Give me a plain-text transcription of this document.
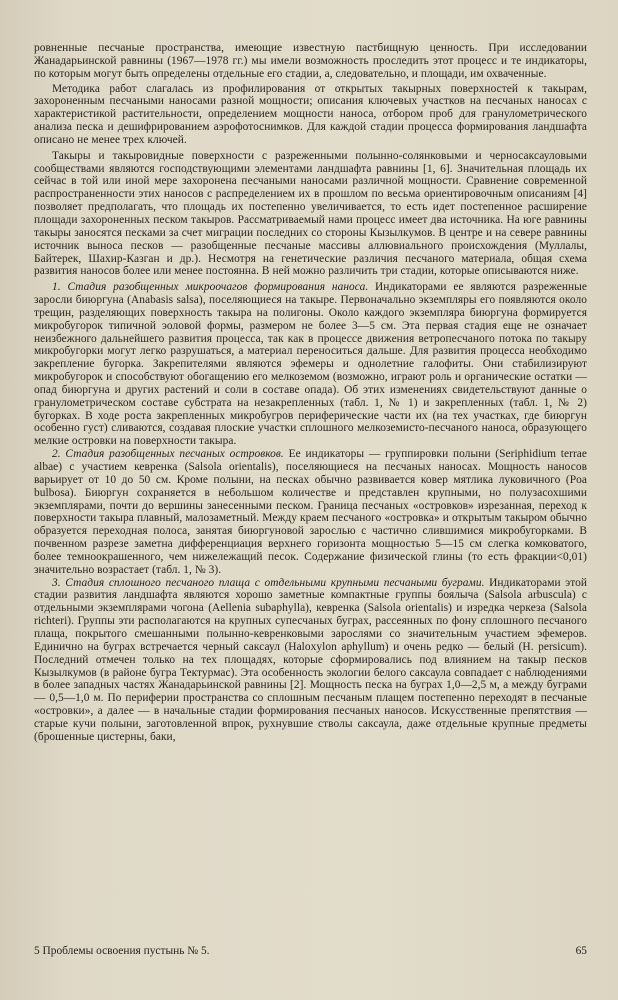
ровненные песчаные пространства, имеющие известную пастбищную ценность. При исследовании Жанадарьинской равнины (1967—1978 гг.) мы имели возможность проследить этот процесс и те индикаторы, по которым могут быть определены отдельные его стадии, а, следовательно, и площади, им охваченные.

Методика работ слагалась из профилирования от открытых такырных поверхностей к такырам, захороненным песчаными наносами разной мощности; описания ключевых участков на песчаных наносах с характеристикой растительности, определением мощности наноса, отбором проб для гранулометрического анализа песка и дешифрированием аэрофотоснимков. Для каждой стадии процесса формирования ландшафта описано не менее трех ключей.

Такыры и такыровидные поверхности с разреженными полынно-солянковыми и черносаксауловыми сообществами являются господствующими элементами ландшафта равнины [1, 6]. Значительная площадь их сейчас в той или иной мере захоронена песчаными наносами различной мощности. Сравнение современной распространенности этих наносов с распределением их в прошлом по весьма ориентировочным описаниям [4] позволяет предполагать, что площадь их постепенно увеличивается, то есть идет постепенное расширение площади захороненных песком такыров. Рассматриваемый нами процесс имеет два источника. На юге равнины такыры заносятся песками за счет миграции последних со стороны Кызылкумов. В центре и на севере равнины источник выноса песков — разобщенные песчаные массивы аллювиального происхождения (Муллалы, Байтерек, Шахир-Казган и др.). Несмотря на генетические различия песчаного материала, общая схема развития наносов более или менее постоянна. В ней можно различить три стадии, которые описываются ниже.

1. Стадия разобщенных микроочагов формирования наноса. Индикаторами ее являются разреженные заросли биюргуна (Anabasis salsa), поселяющиеся на такыре. Первоначально экземпляры его появляются около трещин, разделяющих поверхность такыра на полигоны. Около каждого экземпляра биюргуна формируется микробугорок типичной эоловой формы, размером не более 3—5 см. Эта первая стадия еще не означает неизбежного дальнейшего развития процесса, так как в процессе движения ветропесчаного потока по такыру микробугорки могут легко разрушаться, а материал переноситься дальше. Для развития процесса необходимо закрепление бугорка. Закрепителями являются эфемеры и однолетние галофиты. Они стабилизируют микробугорок и способствуют обогащению его мелкоземом (возможно, играют роль и органические остатки — опад биюргуна и других растений и соли в составе опада). Об этих изменениях свидетельствуют данные о гранулометрическом составе субстрата на незакрепленных (табл. 1, № 1) и закрепленных (табл. 1, № 2) бугорках. В ходе роста закрепленных микробугров периферические части их (на тех участках, где биюргун особенно густ) сливаются, создавая плоские участки сплошного мелкоземисто-песчаного наноса, образующего мелкие островки на поверхности такыра.

2. Стадия разобщенных песчаных островков. Ее индикаторы — группировки полыни (Seriphidium terrae albae) с участием кевренка (Salsola orientalis), поселяющиеся на песчаных наносах. Мощность наносов варьирует от 10 до 50 см. Кроме полыни, на песках обычно развивается ковер мятлика луковичного (Poa bulbosa). Биюргун сохраняется в небольшом количестве и представлен крупными, но полузасохшими экземплярами, почти до вершины занесенными песком. Граница песчаных «островков» изрезанная, переход к поверхности такыра плавный, малозаметный. Между краем песчаного «островка» и открытым такыром обычно образуется переходная полоса, занятая биюргуновой зарослью с частично слившимися микробугорками. В почвенном разрезе заметна дифференциация верхнего горизонта мощностью 5—15 см слегка комковатого, более темноокрашенного, чем нижележащий песок. Содержание физической глины (то есть фракции<0,01) значительно возрастает (табл. 1, № 3).

3. Стадия сплошного песчаного плаща с отдельными крупными песчаными буграми. Индикаторами этой стадии развития ландшафта являются хорошо заметные компактные группы боялыча (Salsola arbuscula) с отдельными экземплярами чогона (Aellenia subaphylla), кевренка (Salsola orientalis) и изредка черкеза (Salsola richteri). Группы эти располагаются на крупных супесчаных буграх, рассеянных по фону сплошного песчаного плаща, покрытого смешанными полынно-кевренковыми зарослями со значительным участием эфемеров. Единично на буграх встречается черный саксаул (Haloxylon aphyllum) и очень редко — белый (H. persicum). Последний отмечен только на тех площадях, которые сформировались под влиянием на такыр песков Кызылкумов (в районе бугра Тектурмас). Эта особенность экологии белого саксаула совпадает с наблюдениями в более западных частях Жанадарьинской равнины [2]. Мощность песка на буграх 1,0—2,5 м, а между буграми — 0,5—1,0 м. По периферии пространства со сплошным песчаным плащем постепенно переходят в песчаные «островки», а далее — в начальные стадии формирования песчаных наносов. Искусственные препятствия — старые кучи полыни, заготовленной впрок, рухнувшие стволы саксаула, даже отдельные крупные предметы (брошенные цистерны, баки,

5 Проблемы освоения пустынь № 5.	65
